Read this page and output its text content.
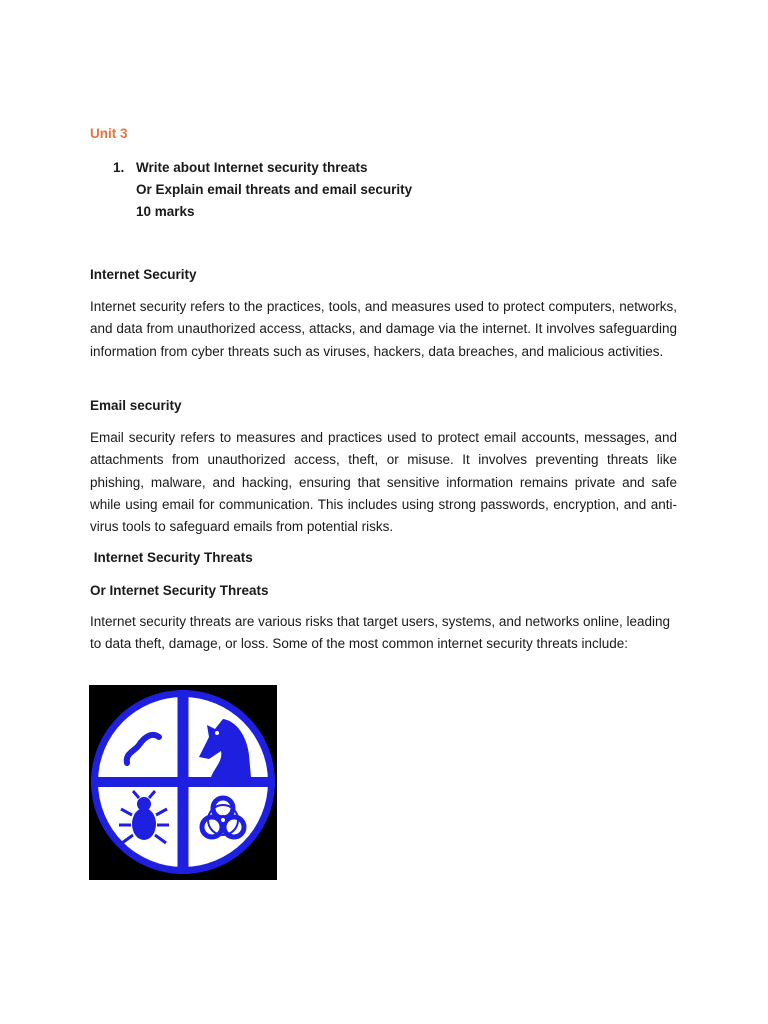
Unit 3
1. Write about Internet security threats
Or Explain email threats and email security
10 marks
Internet Security
Internet security refers to the practices, tools, and measures used to protect computers, networks, and data from unauthorized access, attacks, and damage via the internet. It involves safeguarding information from cyber threats such as viruses, hackers, data breaches, and malicious activities.
Email security
Email security refers to measures and practices used to protect email accounts, messages, and attachments from unauthorized access, theft, or misuse. It involves preventing threats like phishing, malware, and hacking, ensuring that sensitive information remains private and safe while using email for communication. This includes using strong passwords, encryption, and anti-virus tools to safeguard emails from potential risks.
Internet Security Threats
Or Internet Security Threats
Internet security threats are various risks that target users, systems, and networks online, leading to data theft, damage, or loss. Some of the most common internet security threats include:
